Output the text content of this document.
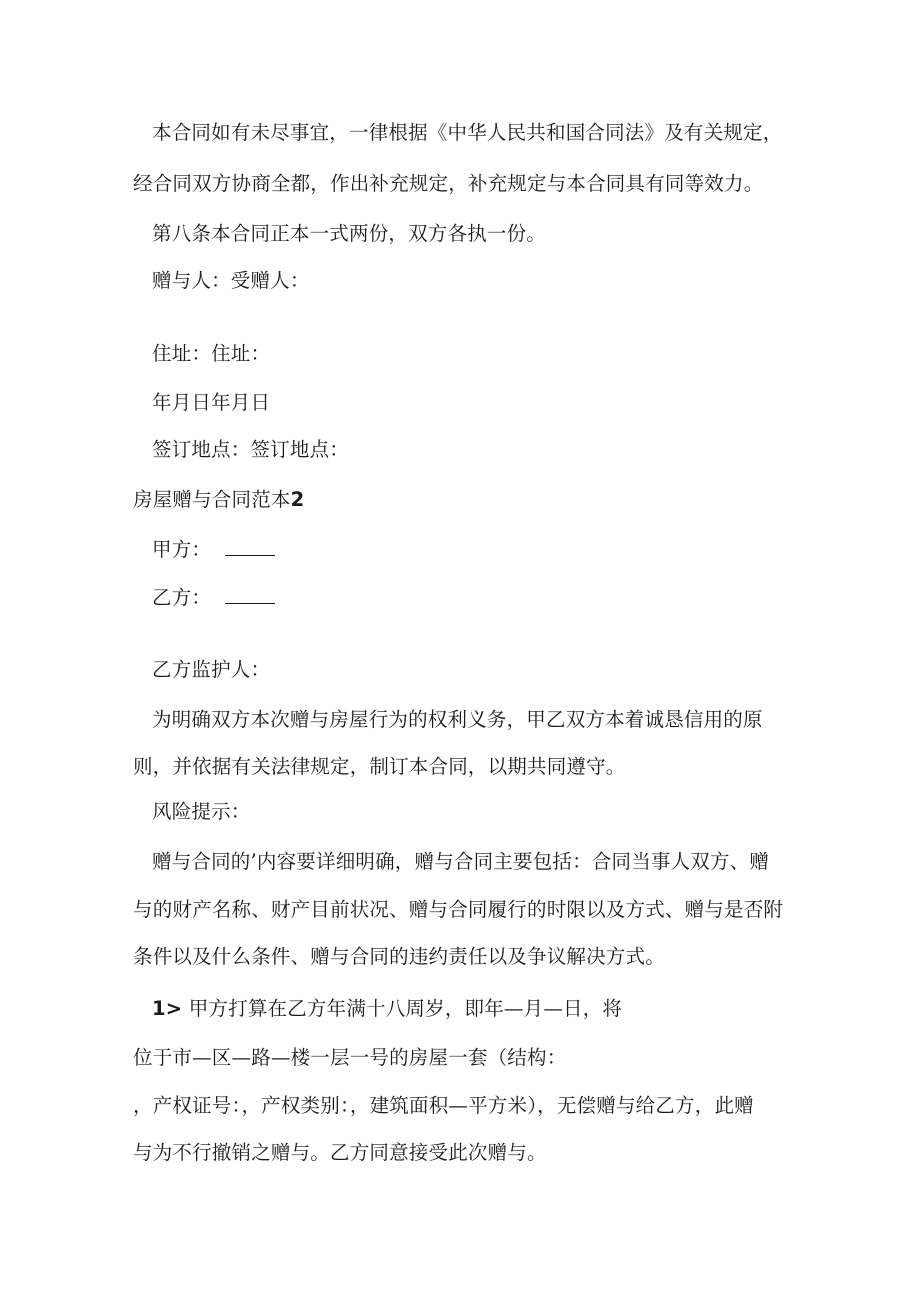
本合同如有未尽事宜，一律根据《中华人民共和国合同法》及有关规定，
经合同双方协商全都，作出补充规定，补充规定与本合同具有同等效力。
第八条本合同正本一式两份，双方各执一份。
赠与人：受赠人：
住址：住址：
年月日年月日
签订地点：签订地点：
房屋赠与合同范本2
甲方：
乙方：
乙方监护人：
为明确双方本次赠与房屋行为的权利义务，甲乙双方本着诚恳信用的原
则，并依据有关法律规定，制订本合同，以期共同遵守。
风险提示：
赠与合同的’内容要详细明确，赠与合同主要包括：合同当事人双方、赠
与的财产名称、财产目前状况、赠与合同履行的时限以及方式、赠与是否附
条件以及什么条件、赠与合同的违约责任以及争议解决方式。
1> 甲方打算在乙方年满十八周岁，即年—月—日，将
位于市—区—路—楼一层一号的房屋一套（结构：
，产权证号：，产权类别：，建筑面积—平方米），无偿赠与给乙方，此赠
与为不行撤销之赠与。乙方同意接受此次赠与。
